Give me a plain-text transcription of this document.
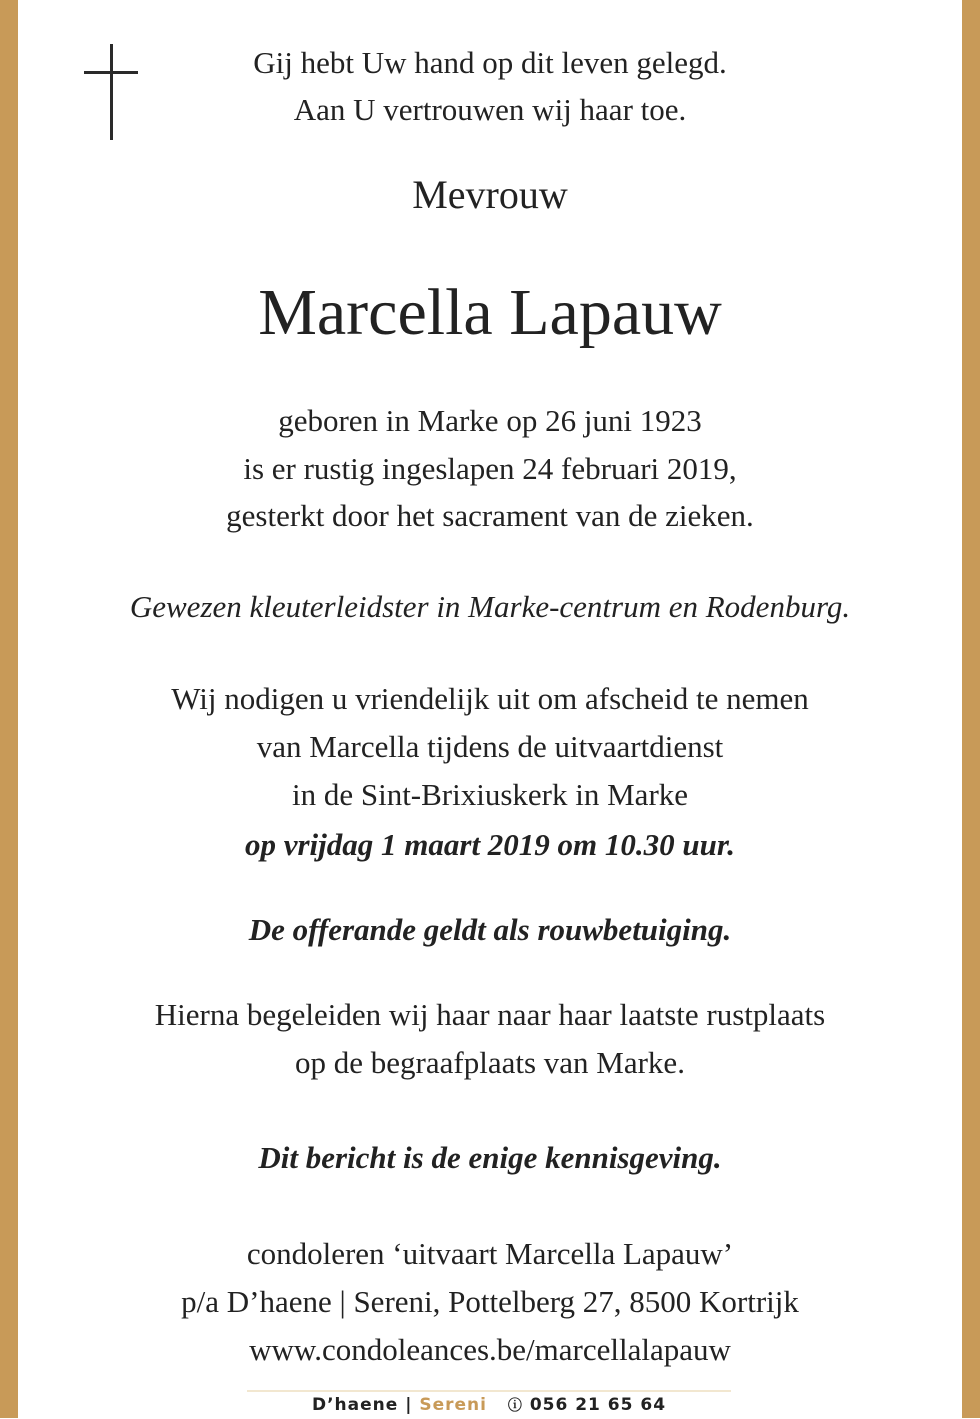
Gij hebt Uw hand op dit leven gelegd.
Aan U vertrouwen wij haar toe.
Mevrouw
Marcella Lapauw
geboren in Marke op 26 juni 1923
is er rustig ingeslapen 24 februari 2019,
gesterkt door het sacrament van de zieken.
Gewezen kleuterleidster in Marke-centrum en Rodenburg.
Wij nodigen u vriendelijk uit om afscheid te nemen
van Marcella tijdens de uitvaartdienst
in de Sint-Brixiuskerk in Marke
op vrijdag 1 maart 2019 om 10.30 uur.
De offerande geldt als rouwbetuiging.
Hierna begeleiden wij haar naar haar laatste rustplaats
op de begraafplaats van Marke.
Dit bericht is de enige kennisgeving.
condoleren ‘uitvaart Marcella Lapauw’
p/a D’haene | Sereni, Pottelberg 27, 8500 Kortrijk
www.condoleances.be/marcellalapauw
D’haene | Sereni ⓘ 056 21 65 64
